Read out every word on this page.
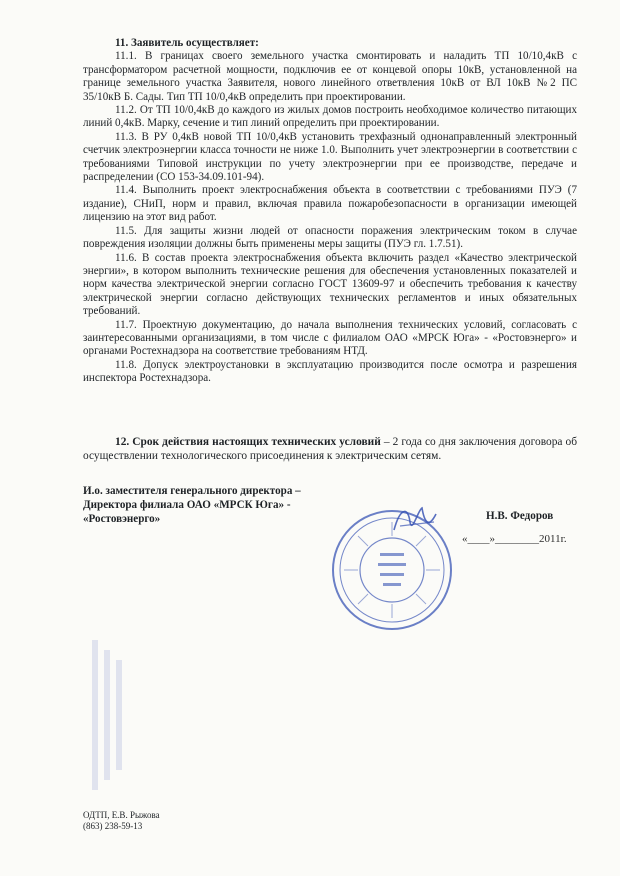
11. Заявитель осуществляет:

11.1. В границах своего земельного участка смонтировать и наладить ТП 10/10,4кВ с трансформатором расчетной мощности, подключив ее от концевой опоры 10кВ, установленной на границе земельного участка Заявителя, нового линейного ответвления 10кВ от ВЛ 10кВ №2 ПС 35/10кВ Б. Сады. Тип ТП 10/0,4кВ определить при проектировании.

11.2. От ТП 10/0,4кВ до каждого из жилых домов построить необходимое количество питающих линий 0,4кВ. Марку, сечение и тип линий определить при проектировании.

11.3. В РУ 0,4кВ новой ТП 10/0,4кВ установить трехфазный однонаправленный электронный счетчик электроэнергии класса точности не ниже 1.0. Выполнить учет электроэнергии в соответствии с требованиями Типовой инструкции по учету электроэнергии при ее производстве, передаче и распределении (СО 153-34.09.101-94).

11.4. Выполнить проект электроснабжения объекта в соответствии с требованиями ПУЭ (7 издание), СНиП, норм и правил, включая правила пожаробезопасности в организации имеющей лицензию на этот вид работ.

11.5. Для защиты жизни людей от опасности поражения электрическим током в случае повреждения изоляции должны быть применены меры защиты (ПУЭ гл. 1.7.51).

11.6. В состав проекта электроснабжения объекта включить раздел «Качество электрической энергии», в котором выполнить технические решения для обеспечения установленных показателей и норм качества электрической энергии согласно ГОСТ 13609-97 и обеспечить требования к качеству электрической энергии согласно действующих технических регламентов и иных обязательных требований.

11.7. Проектную документацию, до начала выполнения технических условий, согласовать с заинтересованными организациями, в том числе с филиалом ОАО «МРСК Юга» - «Ростовэнерго» и органами Ростехнадзора на соответствие требованиям НТД.

11.8. Допуск электроустановки в эксплуатацию производится после осмотра и разрешения инспектора Ростехнадзора.

12. Срок действия настоящих технических условий – 2 года со дня заключения договора об осуществлении технологического присоединения к электрическим сетям.

И.о. заместителя генерального директора –
Директора филиала ОАО «МРСК Юга» -
«Ростовэнерго»	Н.В. Федоров
«____»________2011г.
ОДТП, Е.В. Рыжова
(863) 238-59-13
